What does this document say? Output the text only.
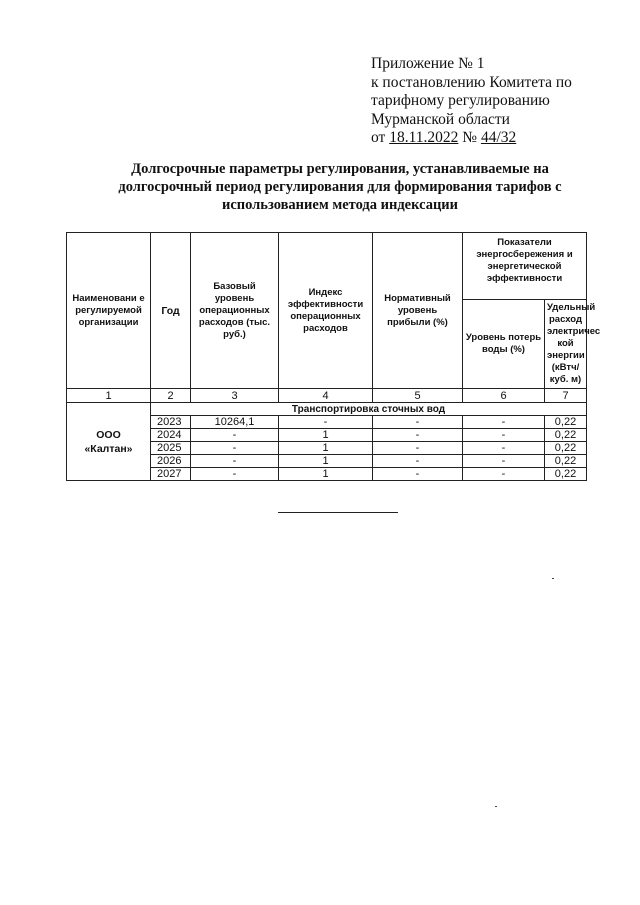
Приложение № 1
к постановлению Комитета по
тарифному регулированию
Мурманской области
от 18.11.2022 № 44/32
Долгосрочные параметры регулирования, устанавливаемые на
долгосрочный период регулирования для формирования тарифов с
использованием метода индексации
Наименовани е регулируемой организации	Год	Базовый уровень операционных расходов (тыс. руб.)	Индекс эффективности операционных расходов	Нормативный уровень прибыли (%)	Показатели энергосбережения и энергетической эффективности	
					Уровень потерь воды (%)	Удельный расход электричес кой энергии (кВтч/куб. м)
1	2	3	4	5	6	7

ООО
«Калтан»	Транспортировка сточных вод					
	2023	10264,1	-	-	-	0,22
	2024	-	1	-	-	0,22
	2025	-	1	-	-	0,22
	2026	-	1	-	-	0,22
	2027	-	1	-	-	0,22
